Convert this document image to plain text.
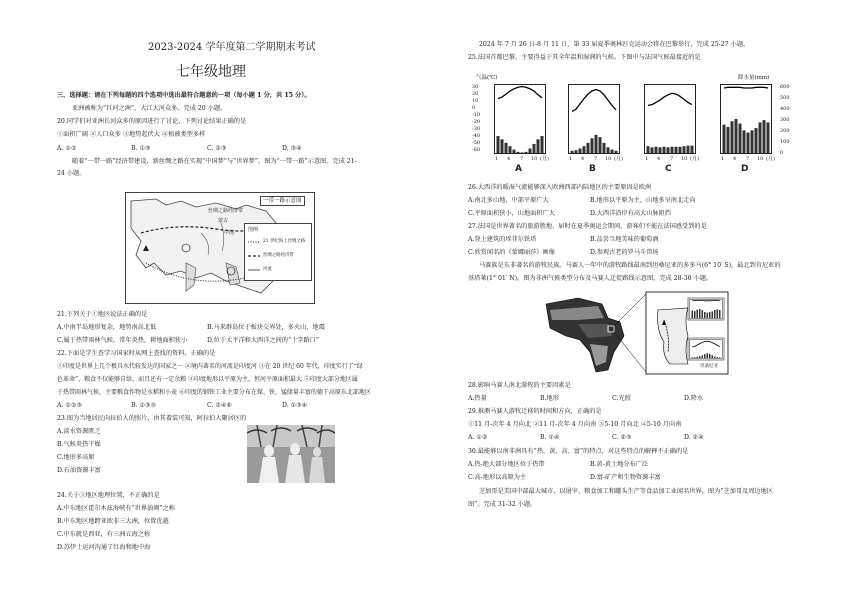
2023-2024 学年度第二学期期末考试
七年级地理
三、选择题：请在下列每题的四个选项中选出最符合题意的一项（每小题 1 分，共 15 分）。
亚洲被称为“巨河之洲”，大江大河众多。完成 20 小题。
20.同学们对亚洲长河众多的原因进行了讨论，下列讨论结果正确的是
①面积广阔 ②人口众多 ③地势起伏大 ④植被类型多样
A. ①②	B. ①③	C. ②③	D. ③④
随着“一带一路”经济带建设，新丝绸之路在实现“中国梦”与“世界梦”。图为“一带一路”示意图。完成 21-
24 小题。
一带一路示意图
丝绸之路经济带
蒙古
中国	图例
21 世纪海上丝绸之路
丝绸之路经济带
河流
21.下列关于①地区说法正确的是
A.中南半岛地形复杂，地势南高北低	B.马来群岛位于板块交界处，多火山、地震
C.属于热带雨林气候，常年炎热，耕地面积狭小	D.位于太平洋和大西洋之间的“十字路口”
22.下面是学生查学习国家时从网上查找的资料。正确的是
①印度是世界上几个极具水代较发达的国家之一 ②境内著名的河流是印度河 ③在 20 世纪 60 年代，印度实行了“绿
色革命”，粮食不仅能够自给，而且还有一定余粮 ④印度地形以平原为主，恒河平原面积最大 ⑤印度大部分地区属
于热带雨林气候，主要粮食作物是水稻和小麦 ⑥印度的钢铁工业主要分布在煤、铁、锰储量丰富的德干高原东北部地区
A. ①②③	B. ①③⑤	C. ②④⑥	D. ①③④
23.图为当地居民向拉伯人的照片，由其着装可知，阿拉伯人聚居区的
A.淡水资源匮乏
B.气候炎热干燥
C.地形多高原
D.石油资源丰富
24.关于③地区地理位置，不正确的是
A.中东地区霍尔木兹海峡有“世界油阀”之称
B.中东地区地跨亚欧非三大洲，位置优越
C.中东就是西亚，有三洲五海之称
D.苏伊士运河沟通了红海和地中海
2024 年 7 月 26 日-8 月 11 日，第 33 届夏季奥林匹克运动会将在巴黎举行，完成 25-27 小题。
25.法国首都巴黎，主要得益于其全年温和湿润的气候。下图中与法国气候最接近的是
气温(℃)	降水量(mm)
30
20
10
0
-10
-20
-30
-40
-50
-60
600
500
400
300
200
100
0
1 4 7 10 (月)	1 4 7 10 (月)	1 4 7 10 (月)	1 4 7 10 (月)
A	B	C	D
26.大西洋的暖湿气流能够深入欧洲西部内陆地区的主要原因是欧洲
A.南北多山地，中部平原广大	B.地形以平原为主，山地多呈南北走向
C.平原面积狭小，山地面积广大	D.大西洋沿岸有高大山脉阻挡
27.法国是世界著名的旅游胜地，届时在夏季奥运会期间，游客们不能在法国感受到的是
A.登上建筑的埃菲尔铁塔	B.品尝当地美味的葡萄酒
C.欣赏闻名的《蒙娜丽莎》画像	D.参观古老的罗马斗兽场
马赛族是东非著名的游牧民族。马赛人一年中的游牧路线最南到坦桑尼亚的多多马(6° 10′ S)，最北到肯尼亚的
基塔莱(1° 01′ N)。图为非洲气候类型分布及马赛人迁徙路线示意图。完成 28-30 小题。
坦桑尼亚
28.影响马赛人南北游牧的主要因素是
A.热量	B.地形	C.光照	D.降水
29.推测马赛人游牧迁移的时间和方向，正确的是
①11 月-次年 4 月向北 ②11 月-次年 4 月向南 ③5-10 月向北 ④5-10 月向南
A. ①②	B. ①④	C. ②③	D. ②④
30.最能够以南非洲具有“热、黄、高、富”的特点，对这些特点的解释不正确的是
A.热-绝大部分地区位于热带	B.黄-黄土地分布广泛
C.高-地形以高原为主	D.富-矿产和生物资源丰富
芝加哥是美国中部最大城市，以屠宰、粮食加工和罐头生产等食品加工业闻名世界。图为“芝加哥及周边地区
图”。完成 31-32 小题。
